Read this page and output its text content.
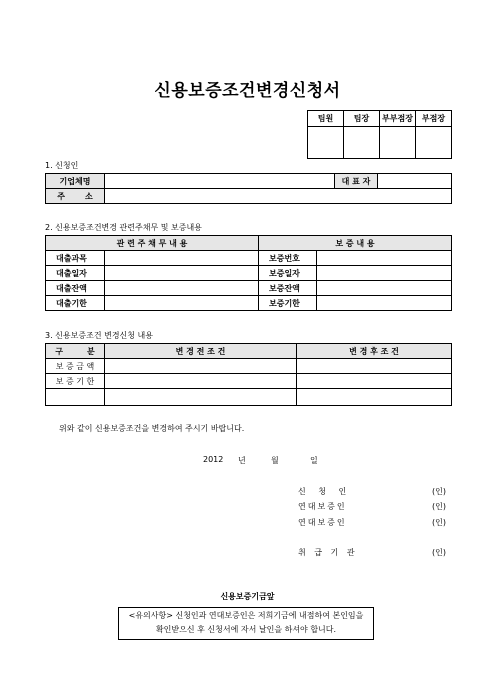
신용보증조건변경신청서
팀원	팀장	부부점장	부점장

1. 신청인
기업체명		대 표 자	
주 소			
2. 신용보증조건변경 관련주채무 및 보증내용
관 련 주 채 무 내 용		보 증 내 용	
대출과목		보증번호	
대출일자		보증일자	
대출잔액		보증잔액	
대출기한		보증기한	
3. 신용보증조건 변경신청 내용
구 분	변 경 전 조 건	변 경 후 조 건
보 증 금 액		
보 증 기 한		

위와 같이 신용보증조건을 변경하여 주시기 바랍니다.
2012 년	월	일
신 청 인	(인)
연대보증인	(인)
연대보증인	(인)
취 급 기 관	(인)
신용보증기금앞
<유의사항> 신청인과 연대보증인은 저희기금에 내점하여 본인임을
확인받으신 후 신청서에 자서 날인을 하셔야 합니다.
